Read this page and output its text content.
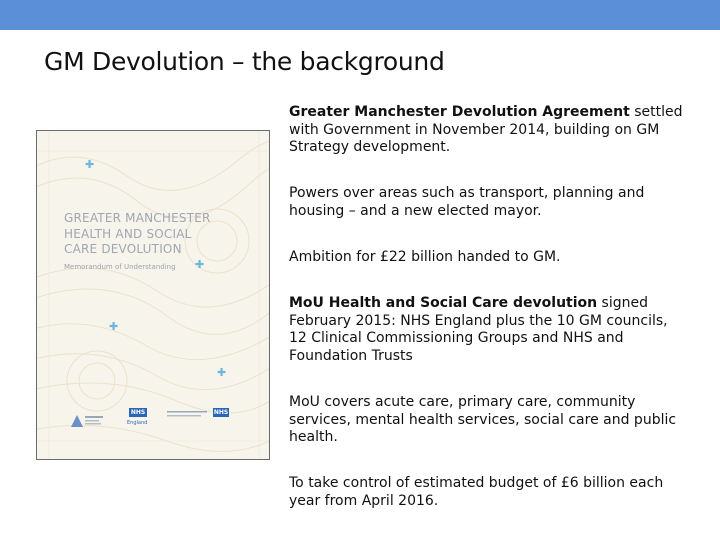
GM Devolution – the background
✚
✚
✚
✚
GREATER MANCHESTER
HEALTH AND SOCIAL
CARE DEVOLUTION
Memorandum of Understanding
NHS
England
NHS

Greater Manchester Devolution Agreement settled with Government in November 2014, building on GM Strategy development.

Powers over areas such as transport, planning and housing – and a new elected mayor.

Ambition for £22 billion handed to GM.

MoU Health and Social Care devolution signed February 2015: NHS England plus the 10 GM councils, 12 Clinical Commissioning Groups and NHS and Foundation Trusts

MoU covers acute care, primary care, community services, mental health services, social care and public health.

To take control of estimated budget of £6 billion each year from April 2016.
